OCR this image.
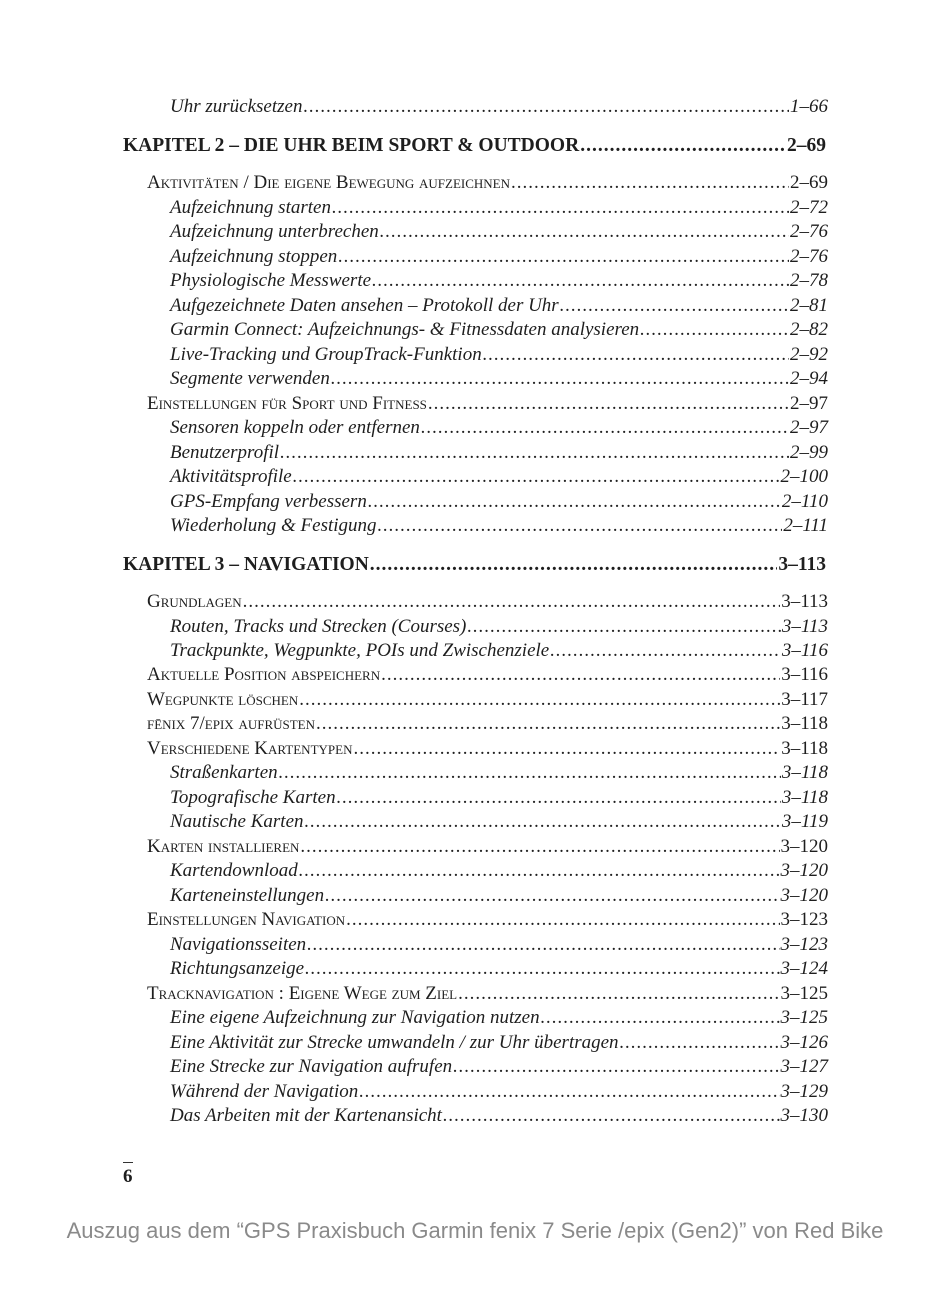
Uhr zurücksetzen .....	1–66
KAPITEL 2 – DIE UHR BEIM SPORT & OUTDOOR .....	2–69
Aktivitäten / Die eigene Bewegung aufzeichnen .....	2–69
Aufzeichnung starten .....	2–72
Aufzeichnung unterbrechen .....	2–76
Aufzeichnung stoppen .....	2–76
Physiologische Messwerte .....	2–78
Aufgezeichnete Daten ansehen – Protokoll der Uhr .....	2–81
Garmin Connect: Aufzeichnungs- & Fitnessdaten analysieren .....	2–82
Live-Tracking und GroupTrack-Funktion .....	2–92
Segmente verwenden .....	2–94
Einstellungen für Sport und Fitness .....	2–97
Sensoren koppeln oder entfernen .....	2–97
Benutzerprofil .....	2–99
Aktivitätsprofile .....	2–100
GPS-Empfang verbessern .....	2–110
Wiederholung & Festigung .....	2–111
KAPITEL 3 – NAVIGATION .....	3–113
Grundlagen .....	3–113
Routen, Tracks und Strecken (Courses) .....	3–113
Trackpunkte, Wegpunkte, POIs und Zwischenziele .....	3–116
Aktuelle Position abspeichern .....	3–116
Wegpunkte löschen .....	3–117
fēnix 7/epix aufrüsten .....	3–118
Verschiedene Kartentypen .....	3–118
Straßenkarten .....	3–118
Topografische Karten .....	3–118
Nautische Karten .....	3–119
Karten installieren .....	3–120
Kartendownload .....	3–120
Karteneinstellungen .....	3–120
Einstellungen Navigation .....	3–123
Navigationsseiten .....	3–123
Richtungsanzeige .....	3–124
Tracknavigation : Eigene Wege zum Ziel .....	3–125
Eine eigene Aufzeichnung zur Navigation nutzen .....	3–125
Eine Aktivität zur Strecke umwandeln / zur Uhr übertragen .....	3–126
Eine Strecke zur Navigation aufrufen .....	3–127
Während der Navigation .....	3–129
Das Arbeiten mit der Kartenansicht .....	3–130
6
Auszug aus dem “GPS Praxisbuch Garmin fenix 7 Serie /epix (Gen2)” von Red Bike
